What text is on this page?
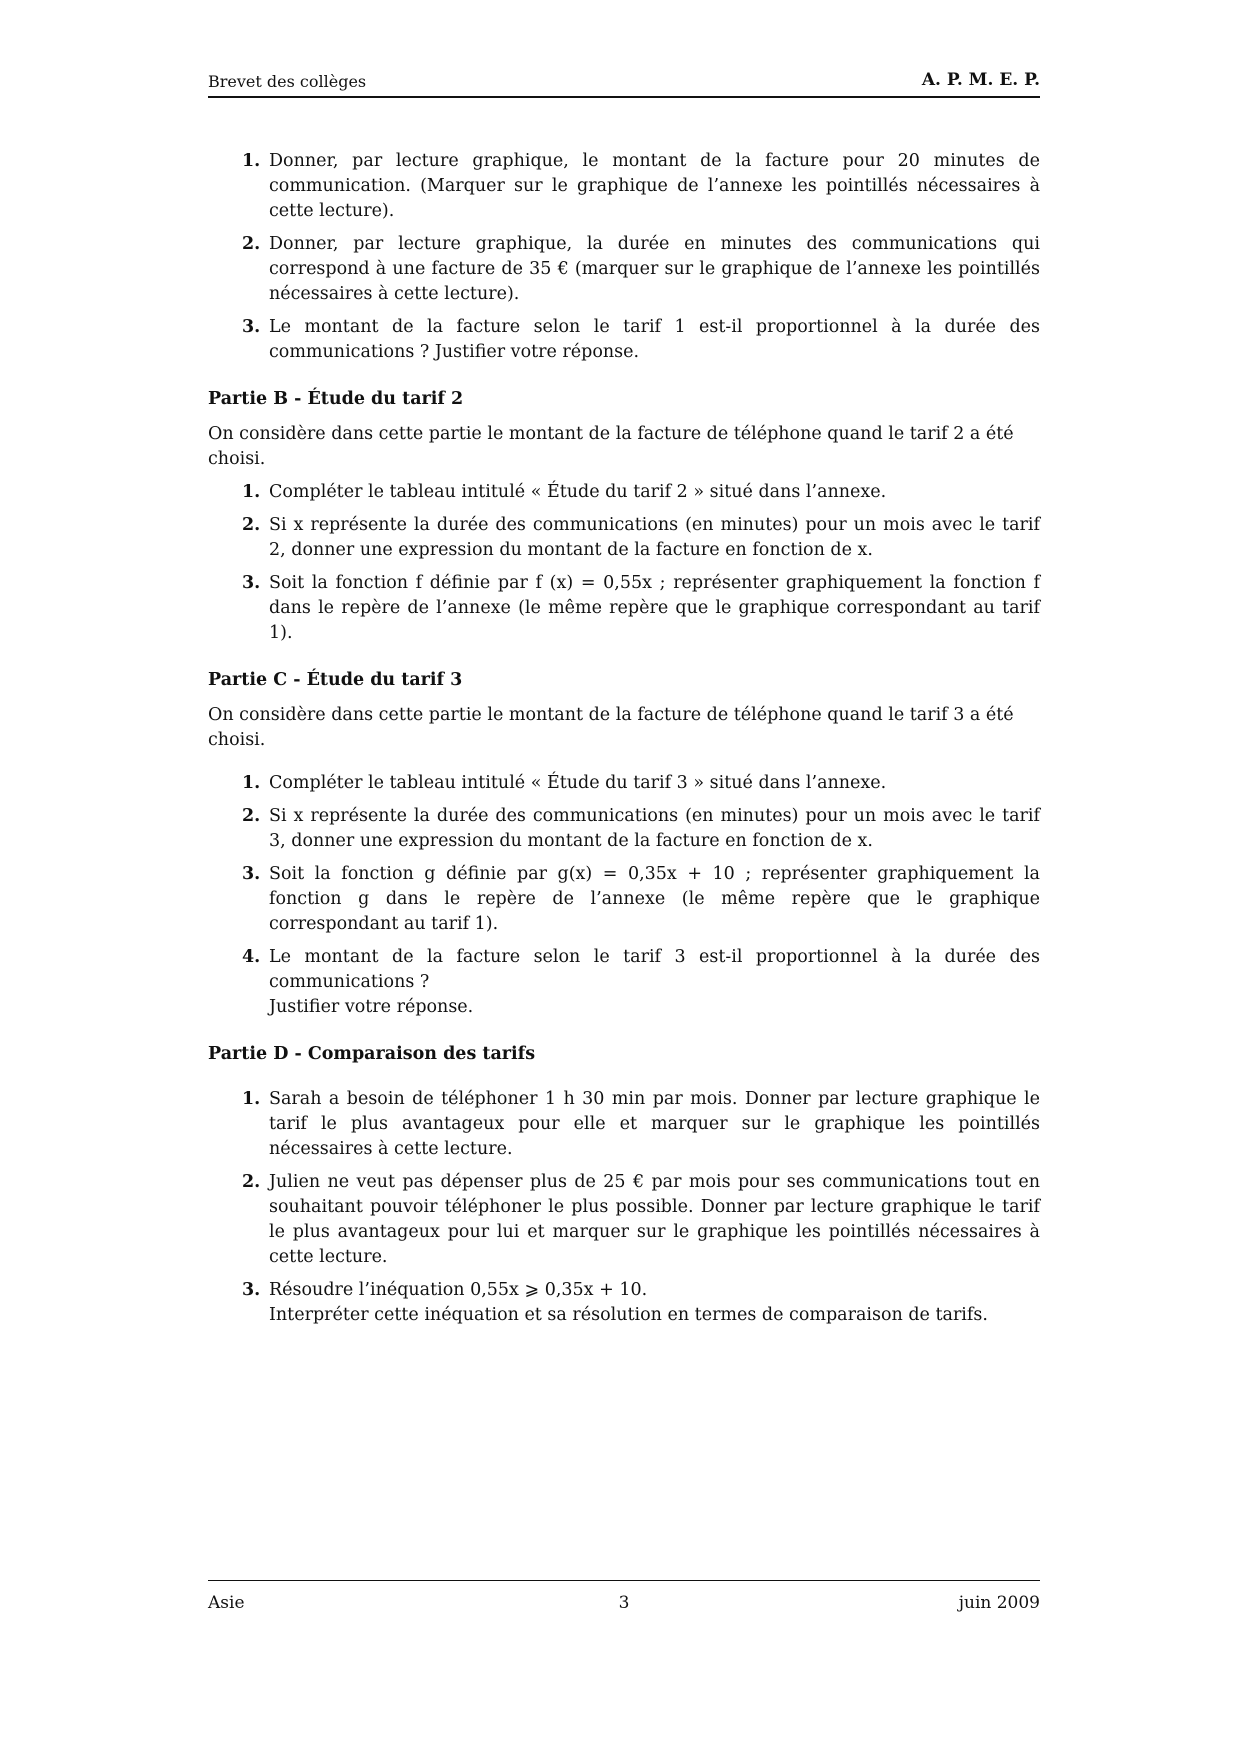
Brevet des collèges	A. P. M. E. P.
1. Donner, par lecture graphique, le montant de la facture pour 20 minutes de communication. (Marquer sur le graphique de l’annexe les pointillés nécessaires à cette lecture).
2. Donner, par lecture graphique, la durée en minutes des communications qui correspond à une facture de 35 € (marquer sur le graphique de l’annexe les pointillés nécessaires à cette lecture).
3. Le montant de la facture selon le tarif 1 est-il proportionnel à la durée des communications ? Justifier votre réponse.
Partie B - Étude du tarif 2

On considère dans cette partie le montant de la facture de téléphone quand le tarif 2 a été choisi.

1. Compléter le tableau intitulé « Étude du tarif 2 » situé dans l’annexe.
2. Si x représente la durée des communications (en minutes) pour un mois avec le tarif 2, donner une expression du montant de la facture en fonction de x.
3. Soit la fonction f définie par f (x) = 0,55x ; représenter graphiquement la fonction f dans le repère de l’annexe (le même repère que le graphique correspondant au tarif 1).
Partie C - Étude du tarif 3

On considère dans cette partie le montant de la facture de téléphone quand le tarif 3 a été choisi.

1. Compléter le tableau intitulé « Étude du tarif 3 » situé dans l’annexe.
2. Si x représente la durée des communications (en minutes) pour un mois avec le tarif 3, donner une expression du montant de la facture en fonction de x.
3. Soit la fonction g définie par g(x) = 0,35x + 10 ; représenter graphiquement la fonction g dans le repère de l’annexe (le même repère que le graphique correspondant au tarif 1).
4. Le montant de la facture selon le tarif 3 est-il proportionnel à la durée des communications ?
Justifier votre réponse.
Partie D - Comparaison des tarifs
1. Sarah a besoin de téléphoner 1 h 30 min par mois. Donner par lecture graphique le tarif le plus avantageux pour elle et marquer sur le graphique les pointillés nécessaires à cette lecture.
2. Julien ne veut pas dépenser plus de 25 € par mois pour ses communications tout en souhaitant pouvoir téléphoner le plus possible. Donner par lecture graphique le tarif le plus avantageux pour lui et marquer sur le graphique les pointillés nécessaires à cette lecture.
3. Résoudre l’inéquation 0,55x ⩾ 0,35x + 10.
Interpréter cette inéquation et sa résolution en termes de comparaison de tarifs.
Asie	3	juin 2009
